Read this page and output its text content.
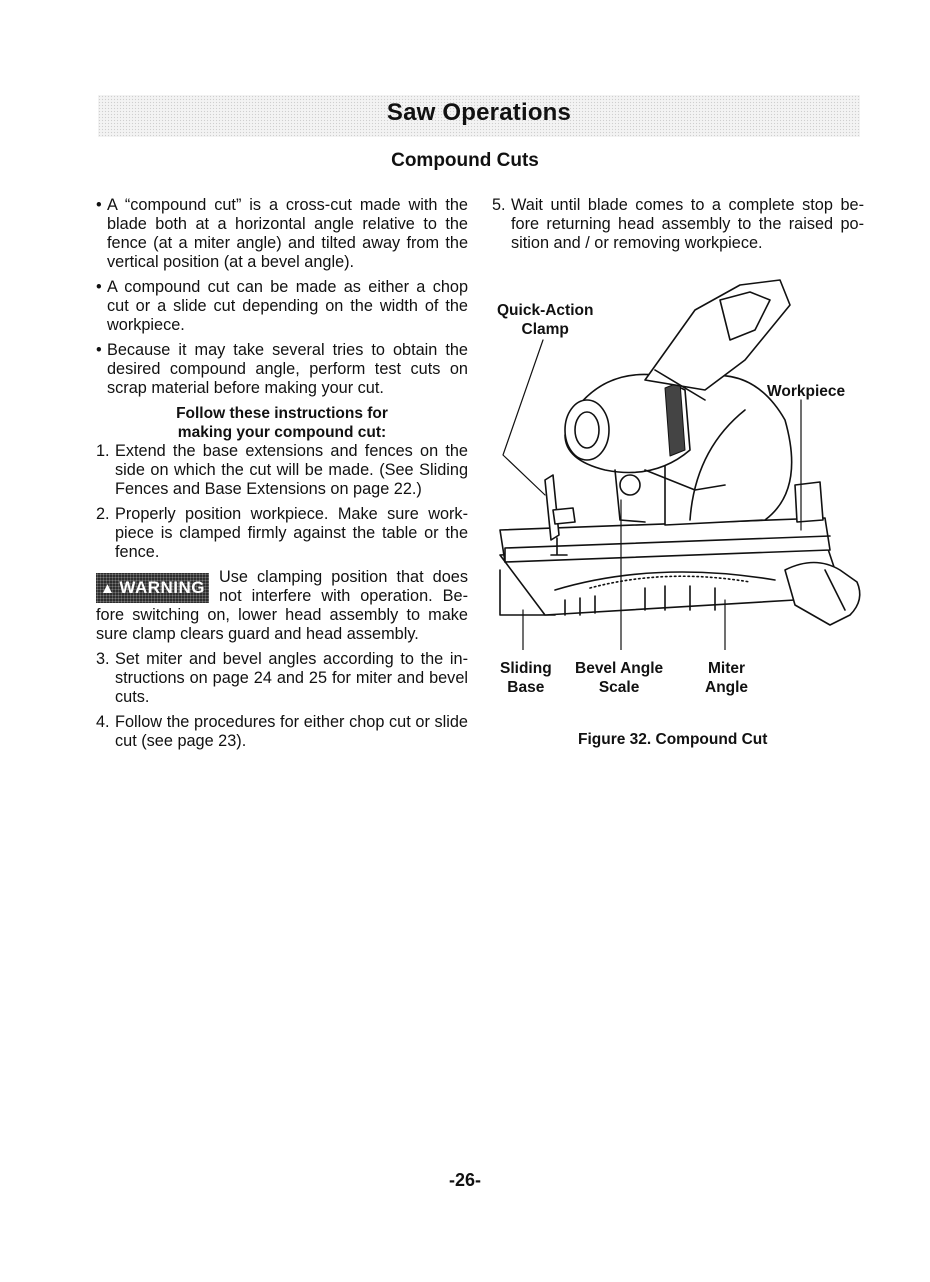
Saw Operations
Compound Cuts
• A “compound cut” is a cross-cut made with the blade both at a horizontal angle relative to the fence (at a miter angle) and tilted away from the vertical position (at a bevel angle).
• A compound cut can be made as either a chop cut or a slide cut depending on the width of the workpiece.
• Because it may take several tries to obtain the desired compound angle, perform test cuts on scrap material before making your cut.
Follow these instructions for
making your compound cut:
1. Extend the base extensions and fences on the side on which the cut will be made. (See Sliding Fences and Base Extensions on page 22.)
2. Properly position workpiece. Make sure work-piece is clamped firmly against the table or the fence.
▲ WARNING
Use clamping position that does not interfere with operation. Be-fore switching on, lower head assembly to make sure clamp clears guard and head assembly.
3. Set miter and bevel angles according to the in-structions on page 24 and 25 for miter and bevel cuts.
4. Follow the procedures for either chop cut or slide cut (see page 23).
5. Wait until blade comes to a complete stop be-fore returning head assembly to the raised po-sition and / or removing workpiece.
Quick-Action
Clamp
Workpiece
Sliding
Base
Bevel Angle
Scale
Miter
Angle
Figure 32. Compound Cut
-26-
